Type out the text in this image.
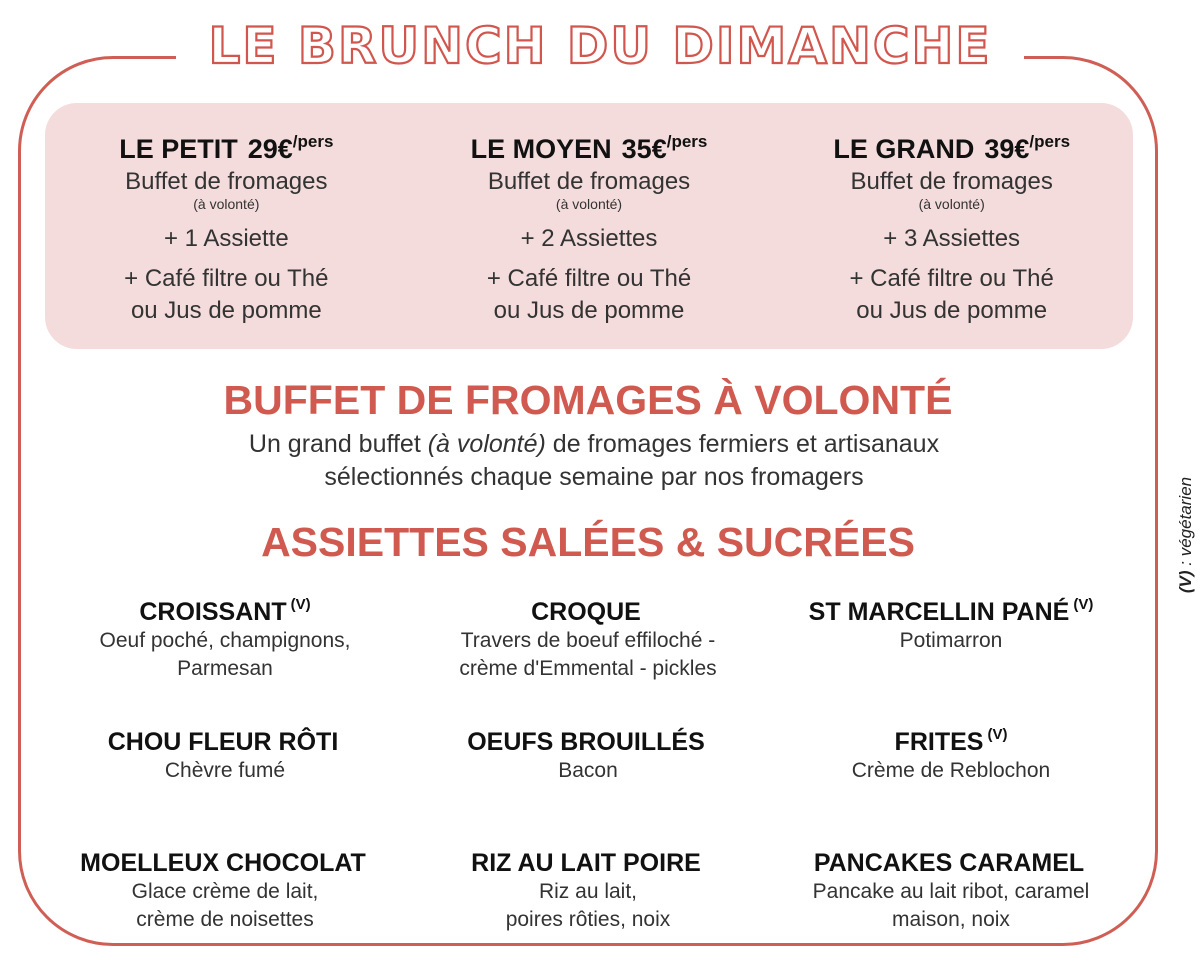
LE BRUNCH DU DIMANCHE
LE PETIT 29€$^{/pers}$
Buffet de fromages
(à volonté)
+ 1 Assiette
+ Café filtre ou Thé
ou Jus de pomme
LE MOYEN 35€$^{/pers}$
Buffet de fromages
(à volonté)
+ 2 Assiettes
+ Café filtre ou Thé
ou Jus de pomme
LE GRAND 39€$^{/pers}$
Buffet de fromages
(à volonté)
+ 3 Assiettes
+ Café filtre ou Thé
ou Jus de pomme
BUFFET DE FROMAGES À VOLONTÉ
Un grand buffet (à volonté) de fromages fermiers et artisanaux
sélectionnés chaque semaine par nos fromagers
ASSIETTES SALÉES & SUCRÉES
CROISSANT $^{(V)}$
Oeuf poché, champignons,
Parmesan
CROQUE
Travers de boeuf effiloché -
crème d'Emmental - pickles
ST MARCELLIN PANÉ $^{(V)}$
Potimarron
CHOU FLEUR RÔTI
Chèvre fumé
OEUFS BROUILLÉS
Bacon
FRITES $^{(V)}$
Crème de Reblochon
MOELLEUX CHOCOLAT
Glace crème de lait,
crème de noisettes
RIZ AU LAIT POIRE
Riz au lait,
poires rôties, noix
PANCAKES CARAMEL
Pancake au lait ribot, caramel
maison, noix
(V) : végétarien
